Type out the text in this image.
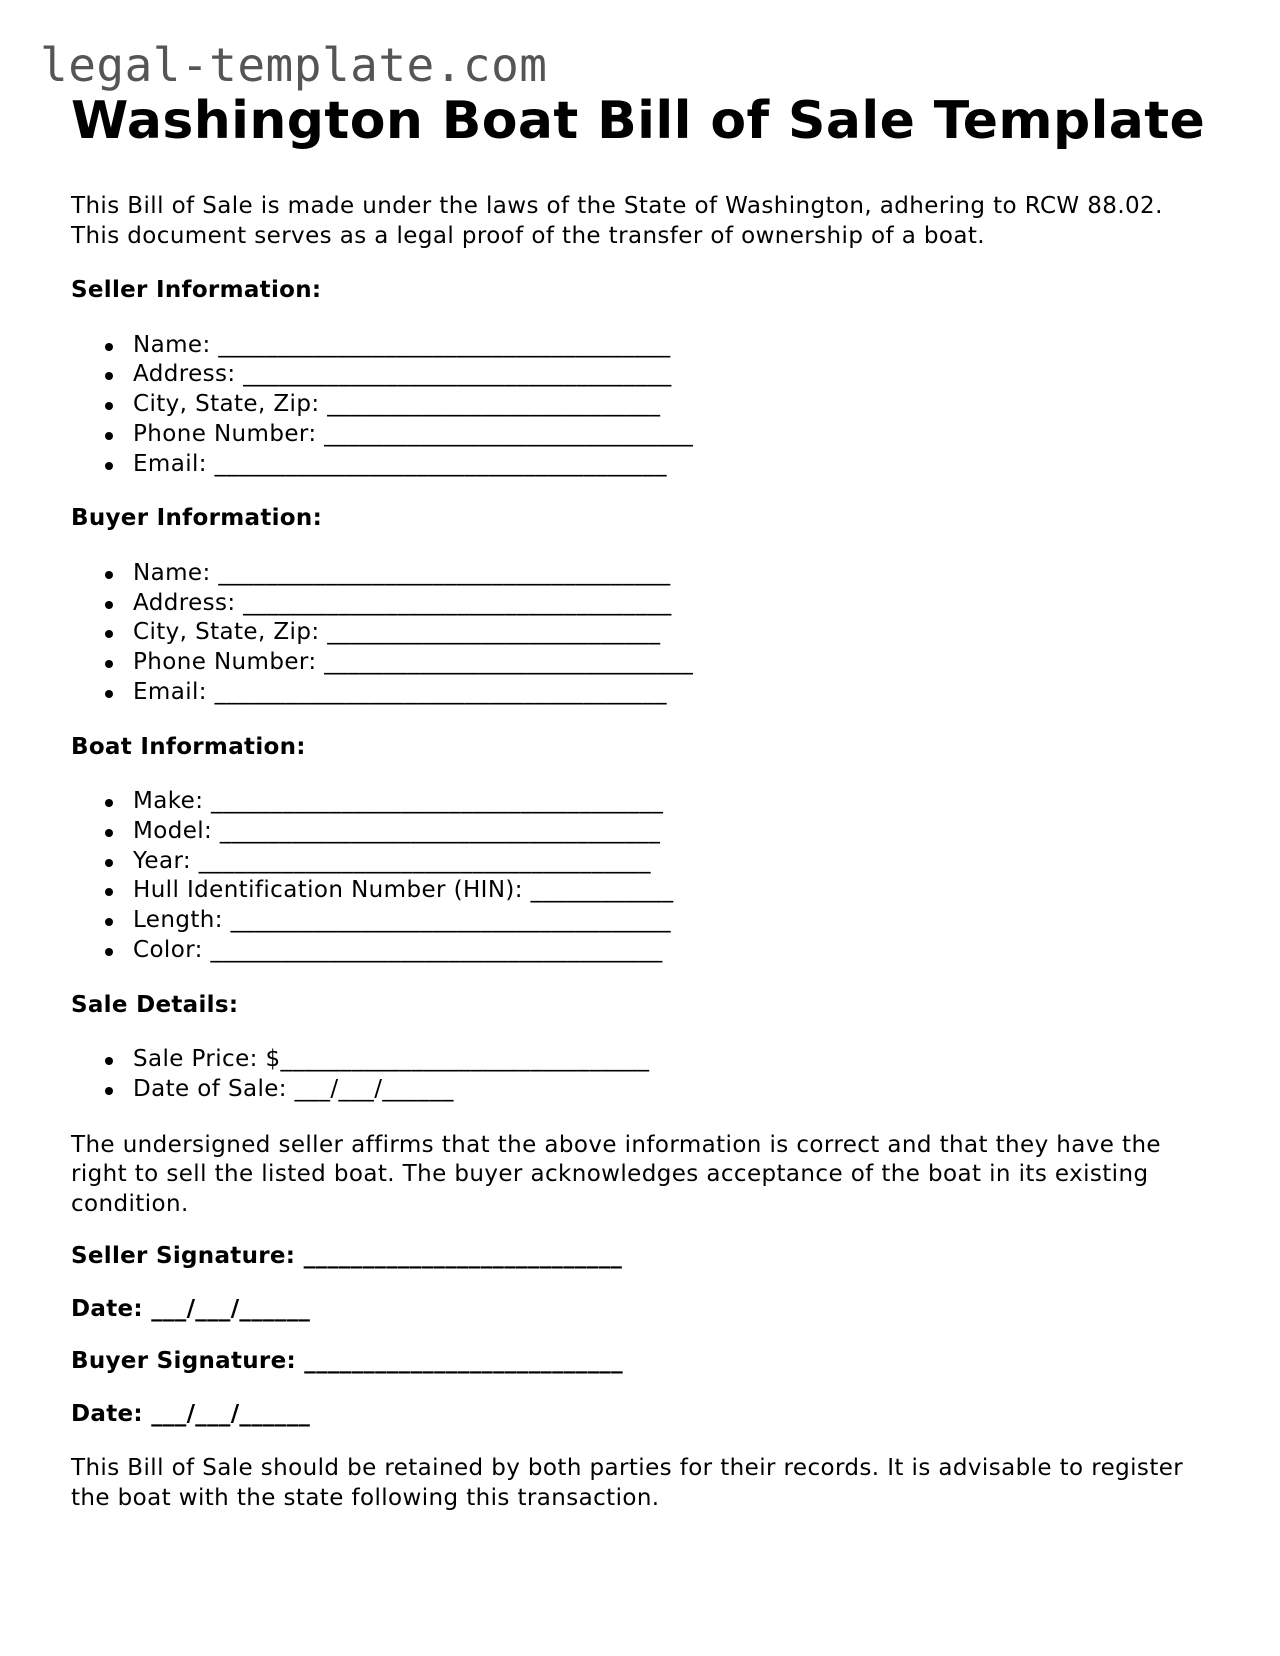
legal-template.com
Washington Boat Bill of Sale Template

This Bill of Sale is made under the laws of the State of Washington, adhering to RCW 88.02. This document serves as a legal proof of the transfer of ownership of a boat.

Seller Information:
Name: ______________________________________
Address: ____________________________________
City, State, Zip: ____________________________
Phone Number: _______________________________
Email: ______________________________________
Buyer Information:
Name: ______________________________________
Address: ____________________________________
City, State, Zip: ____________________________
Phone Number: _______________________________
Email: ______________________________________
Boat Information:
Make: ______________________________________
Model: _____________________________________
Year: ______________________________________
Hull Identification Number (HIN): ____________
Length: _____________________________________
Color: ______________________________________
Sale Details:
Sale Price: $_______________________________
Date of Sale: ___/___/______

The undersigned seller affirms that the above information is correct and that they have the right to sell the listed boat. The buyer acknowledges acceptance of the boat in its existing condition.

Seller Signature: ___________________________
Date: ___/___/______
Buyer Signature: ___________________________
Date: ___/___/______

This Bill of Sale should be retained by both parties for their records. It is advisable to register the boat with the state following this transaction.
